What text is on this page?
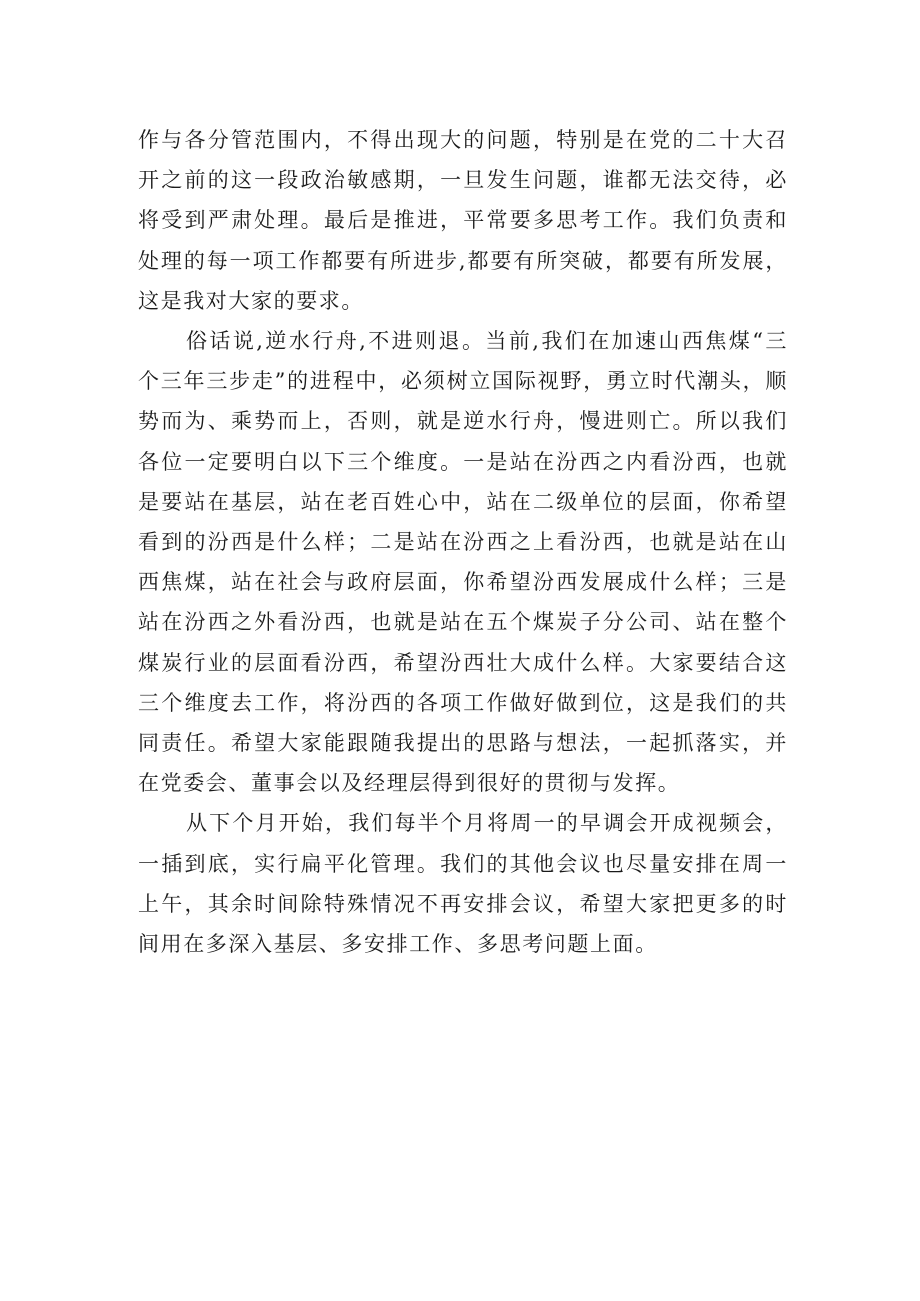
作与各分管范围内，不得出现大的问题，特别是在党的二十大召开之前的这一段政治敏感期，一旦发生问题，谁都无法交待，必将受到严肃处理。最后是推进，平常要多思考工作。我们负责和处理的每一项工作都要有所进步,都要有所突破，都要有所发展，这是我对大家的要求。

俗话说,逆水行舟,不进则退。当前,我们在加速山西焦煤“三个三年三步走”的进程中，必须树立国际视野，勇立时代潮头，顺势而为、乘势而上，否则，就是逆水行舟，慢进则亡。所以我们各位一定要明白以下三个维度。一是站在汾西之内看汾西，也就是要站在基层，站在老百姓心中，站在二级单位的层面，你希望看到的汾西是什么样；二是站在汾西之上看汾西，也就是站在山西焦煤，站在社会与政府层面，你希望汾西发展成什么样；三是站在汾西之外看汾西，也就是站在五个煤炭子分公司、站在整个煤炭行业的层面看汾西，希望汾西壮大成什么样。大家要结合这三个维度去工作，将汾西的各项工作做好做到位，这是我们的共同责任。希望大家能跟随我提出的思路与想法，一起抓落实，并在党委会、董事会以及经理层得到很好的贯彻与发挥。

从下个月开始，我们每半个月将周一的早调会开成视频会，一插到底，实行扁平化管理。我们的其他会议也尽量安排在周一上午，其余时间除特殊情况不再安排会议，希望大家把更多的时间用在多深入基层、多安排工作、多思考问题上面。
